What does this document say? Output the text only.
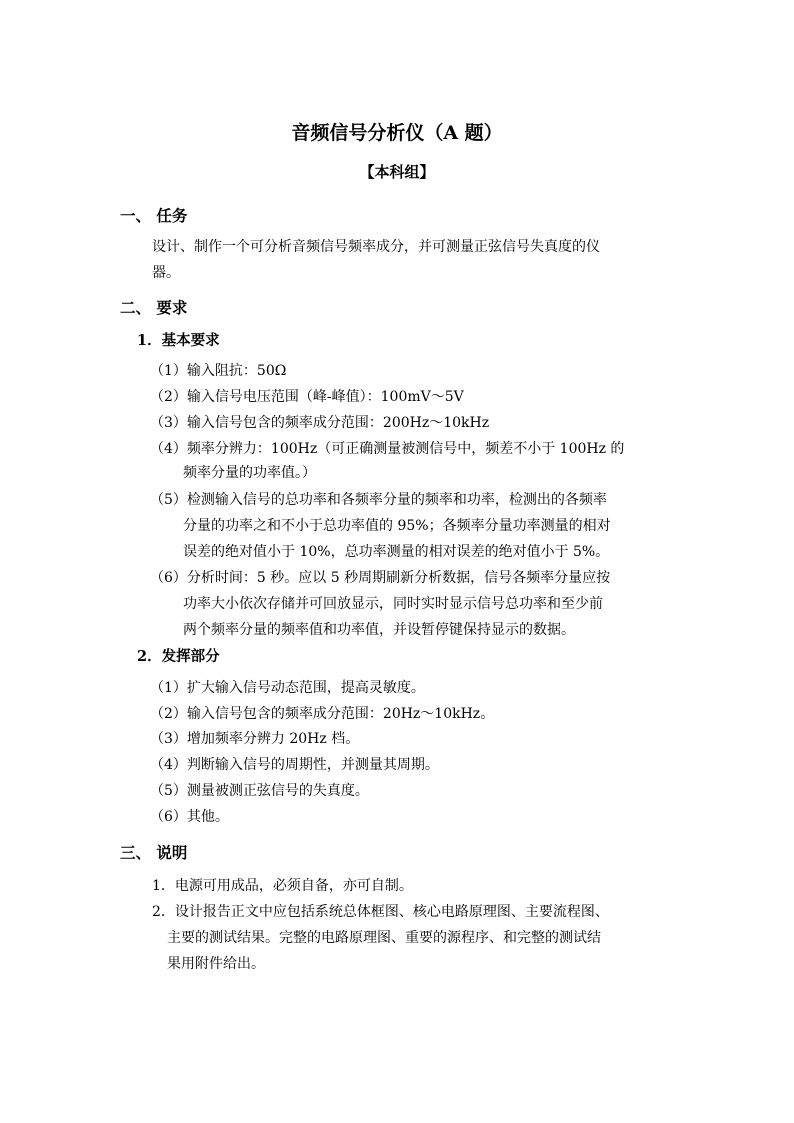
音频信号分析仪（A 题）
【本科组】
一、 任务
设计、制作一个可分析音频信号频率成分，并可测量正弦信号失真度的仪
器。
二、 要求
1．基本要求
（1）输入阻抗：50Ω
（2）输入信号电压范围（峰-峰值）：100mV～5V
（3）输入信号包含的频率成分范围：200Hz～10kHz
（4）频率分辨力：100Hz（可正确测量被测信号中，频差不小于 100Hz 的
频率分量的功率值。）
（5）检测输入信号的总功率和各频率分量的频率和功率，检测出的各频率
分量的功率之和不小于总功率值的 95%；各频率分量功率测量的相对
误差的绝对值小于 10%，总功率测量的相对误差的绝对值小于 5%。
（6）分析时间：5 秒。应以 5 秒周期刷新分析数据，信号各频率分量应按
功率大小依次存储并可回放显示，同时实时显示信号总功率和至少前
两个频率分量的频率值和功率值，并设暂停键保持显示的数据。
2．发挥部分
（1）扩大输入信号动态范围，提高灵敏度。
（2）输入信号包含的频率成分范围：20Hz～10kHz。
（3）增加频率分辨力 20Hz 档。
（4）判断输入信号的周期性，并测量其周期。
（5）测量被测正弦信号的失真度。
（6）其他。
三、 说明
1．电源可用成品，必须自备，亦可自制。
2．设计报告正文中应包括系统总体框图、核心电路原理图、主要流程图、
主要的测试结果。完整的电路原理图、重要的源程序、和完整的测试结
果用附件给出。
